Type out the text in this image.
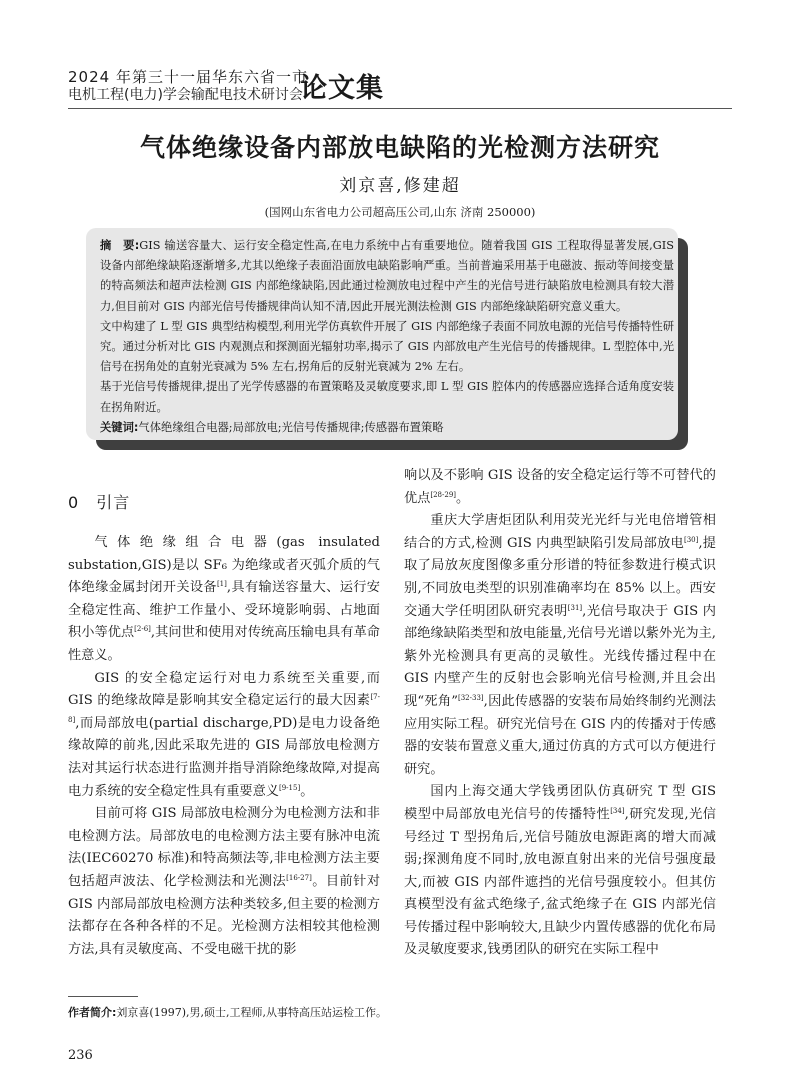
2024 年第三十一届华东六省一市
电机工程(电力)学会输配电技术研讨会
论文集
气体绝缘设备内部放电缺陷的光检测方法研究
刘京喜,修建超
(国网山东省电力公司超高压公司,山东 济南 250000)

摘　要:GIS 输送容量大、运行安全稳定性高,在电力系统中占有重要地位。随着我国 GIS 工程取得显著发展,GIS 设备内部绝缘缺陷逐渐增多,尤其以绝缘子表面沿面放电缺陷影响严重。当前普遍采用基于电磁波、振动等间接变量的特高频法和超声法检测 GIS 内部绝缘缺陷,因此通过检测放电过程中产生的光信号进行缺陷放电检测具有较大潜力,但目前对 GIS 内部光信号传播规律尚认知不清,因此开展光测法检测 GIS 内部绝缘缺陷研究意义重大。

文中构建了 L 型 GIS 典型结构模型,利用光学仿真软件开展了 GIS 内部绝缘子表面不同放电源的光信号传播特性研究。通过分析对比 GIS 内观测点和探测面光辐射功率,揭示了 GIS 内部放电产生光信号的传播规律。L 型腔体中,光信号在拐角处的直射光衰减为 5% 左右,拐角后的反射光衰减为 2% 左右。

基于光信号传播规律,提出了光学传感器的布置策略及灵敏度要求,即 L 型 GIS 腔体内的传感器应选择合适角度安装在拐角附近。

关键词:气体绝缘组合电器;局部放电;光信号传播规律;传感器布置策略

0  引言

气体绝缘组合电器(gas insulated substation,GIS)是以 SF₆ 为绝缘或者灭弧介质的气体绝缘金属封闭开关设备[1],具有输送容量大、运行安全稳定性高、维护工作量小、受环境影响弱、占地面积小等优点[2-6],其问世和使用对传统高压输电具有革命性意义。

GIS 的安全稳定运行对电力系统至关重要,而 GIS 的绝缘故障是影响其安全稳定运行的最大因素[7-8],而局部放电(partial discharge,PD)是电力设备绝缘故障的前兆,因此采取先进的 GIS 局部放电检测方法对其运行状态进行监测并指导消除绝缘故障,对提高电力系统的安全稳定性具有重要意义[9-15]。

目前可将 GIS 局部放电检测分为电检测方法和非电检测方法。局部放电的电检测方法主要有脉冲电流法(IEC60270 标准)和特高频法等,非电检测方法主要包括超声波法、化学检测法和光测法[16-27]。目前针对 GIS 内部局部放电检测方法种类较多,但主要的检测方法都存在各种各样的不足。光检测方法相较其他检测方法,具有灵敏度高、不受电磁干扰的影

响以及不影响 GIS 设备的安全稳定运行等不可替代的优点[28-29]。

重庆大学唐炬团队利用荧光光纤与光电倍增管相结合的方式,检测 GIS 内典型缺陷引发局部放电[30],提取了局放灰度图像多重分形谱的特征参数进行模式识别,不同放电类型的识别准确率均在 85% 以上。西安交通大学任明团队研究表明[31],光信号取决于 GIS 内部绝缘缺陷类型和放电能量,光信号光谱以紫外光为主,紫外光检测具有更高的灵敏性。光线传播过程中在 GIS 内壁产生的反射也会影响光信号检测,并且会出现“死角”[32-33],因此传感器的安装布局始终制约光测法应用实际工程。研究光信号在 GIS 内的传播对于传感器的安装布置意义重大,通过仿真的方式可以方便进行研究。

国内上海交通大学钱勇团队仿真研究 T 型 GIS 模型中局部放电光信号的传播特性[34],研究发现,光信号经过 T 型拐角后,光信号随放电源距离的增大而减弱;探测角度不同时,放电源直射出来的光信号强度最大,而被 GIS 内部件遮挡的光信号强度较小。但其仿真模型没有盆式绝缘子,盆式绝缘子在 GIS 内部光信号传播过程中影响较大,且缺少内置传感器的优化布局及灵敏度要求,钱勇团队的研究在实际工程中

作者简介:刘京喜(1997),男,硕士,工程师,从事特高压站运检工作。
236
